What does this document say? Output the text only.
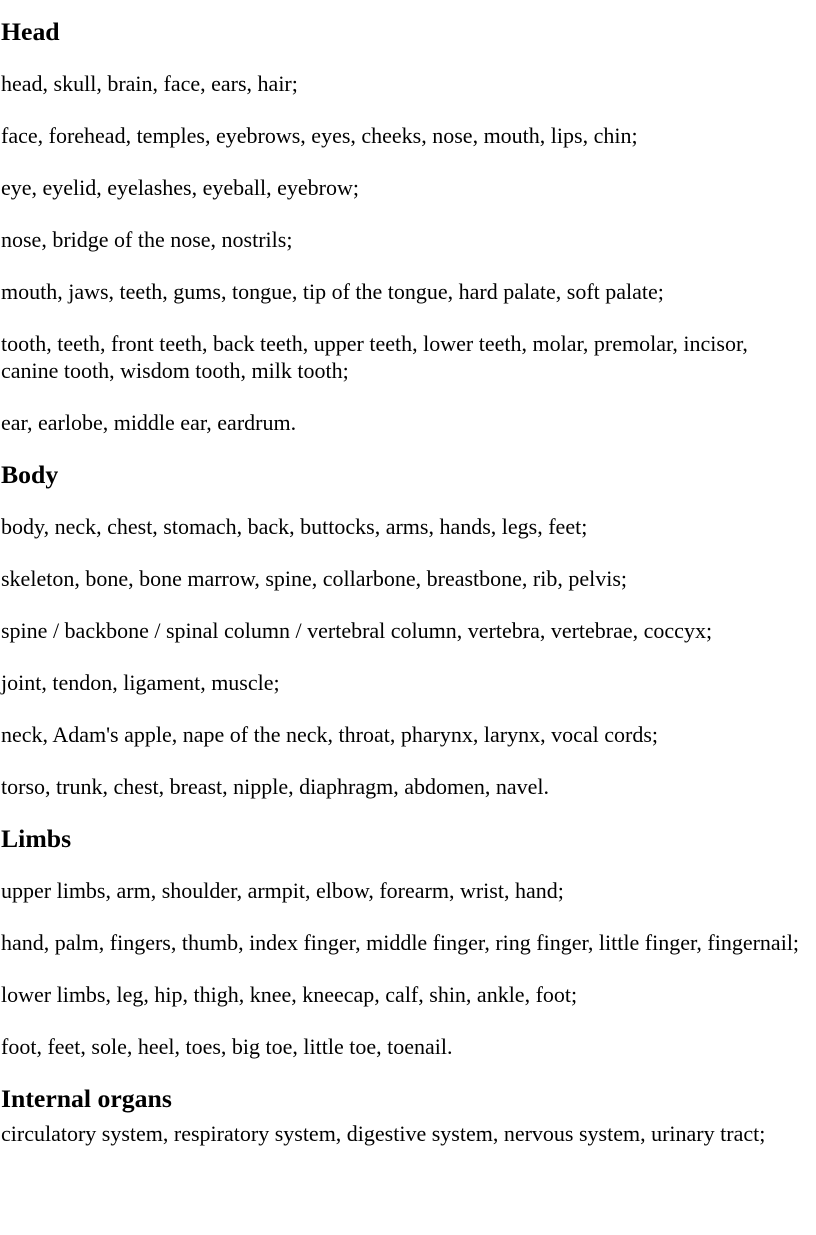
Head

head, skull, brain, face, ears, hair;

face, forehead, temples, eyebrows, eyes, cheeks, nose, mouth, lips, chin;

eye, eyelid, eyelashes, eyeball, eyebrow;

nose, bridge of the nose, nostrils;

mouth, jaws, teeth, gums, tongue, tip of the tongue, hard palate, soft palate;

tooth, teeth, front teeth, back teeth, upper teeth, lower teeth, molar, premolar, incisor, canine tooth, wisdom tooth, milk tooth;

ear, earlobe, middle ear, eardrum.

Body

body, neck, chest, stomach, back, buttocks, arms, hands, legs, feet;

skeleton, bone, bone marrow, spine, collarbone, breastbone, rib, pelvis;

spine / backbone / spinal column / vertebral column, vertebra, vertebrae, coccyx;

joint, tendon, ligament, muscle;

neck, Adam's apple, nape of the neck, throat, pharynx, larynx, vocal cords;

torso, trunk, chest, breast, nipple, diaphragm, abdomen, navel.

Limbs

upper limbs, arm, shoulder, armpit, elbow, forearm, wrist, hand;

hand, palm, fingers, thumb, index finger, middle finger, ring finger, little finger, fingernail;

lower limbs, leg, hip, thigh, knee, kneecap, calf, shin, ankle, foot;

foot, feet, sole, heel, toes, big toe, little toe, toenail.

Internal organs

circulatory system, respiratory system, digestive system, nervous system, urinary tract;
